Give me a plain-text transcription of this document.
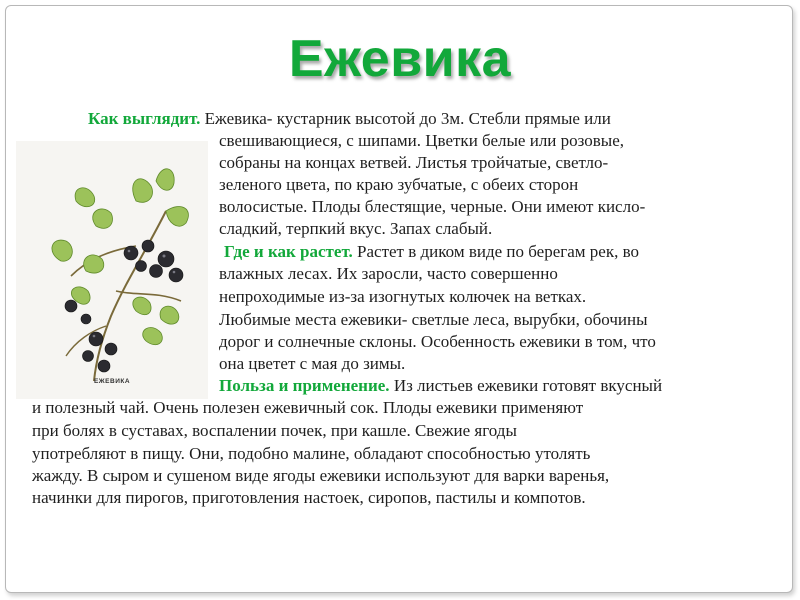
Ежевика
ЕЖЕВИКА
Как выглядит. Ежевика- кустарник высотой до 3м. Стебли прямые или
свешивающиеся, с шипами. Цветки белые или розовые,
собраны на концах ветвей. Листья тройчатые, светло-
зеленого цвета, по краю зубчатые, с обеих сторон
волосистые. Плоды блестящие, черные. Они имеют кисло-
сладкий, терпкий вкус. Запах слабый.
Где и как растет. Растет в диком виде по берегам рек, во
влажных лесах. Их заросли, часто совершенно
непроходимые из-за изогнутых колючек на ветках.
Любимые места ежевики- светлые леса, вырубки, обочины
дорог и солнечные склоны. Особенность ежевики в том, что
она цветет с мая до зимы.
Польза и применение. Из листьев ежевики готовят вкусный
и полезный чай. Очень полезен ежевичный сок. Плоды ежевики применяют
при болях в суставах, воспалении почек, при кашле. Свежие ягоды
употребляют в пищу. Они, подобно малине, обладают способностью утолять
жажду. В сыром и сушеном виде ягоды ежевики используют для варки варенья,
начинки для пирогов, приготовления настоек, сиропов, пастилы и компотов.
